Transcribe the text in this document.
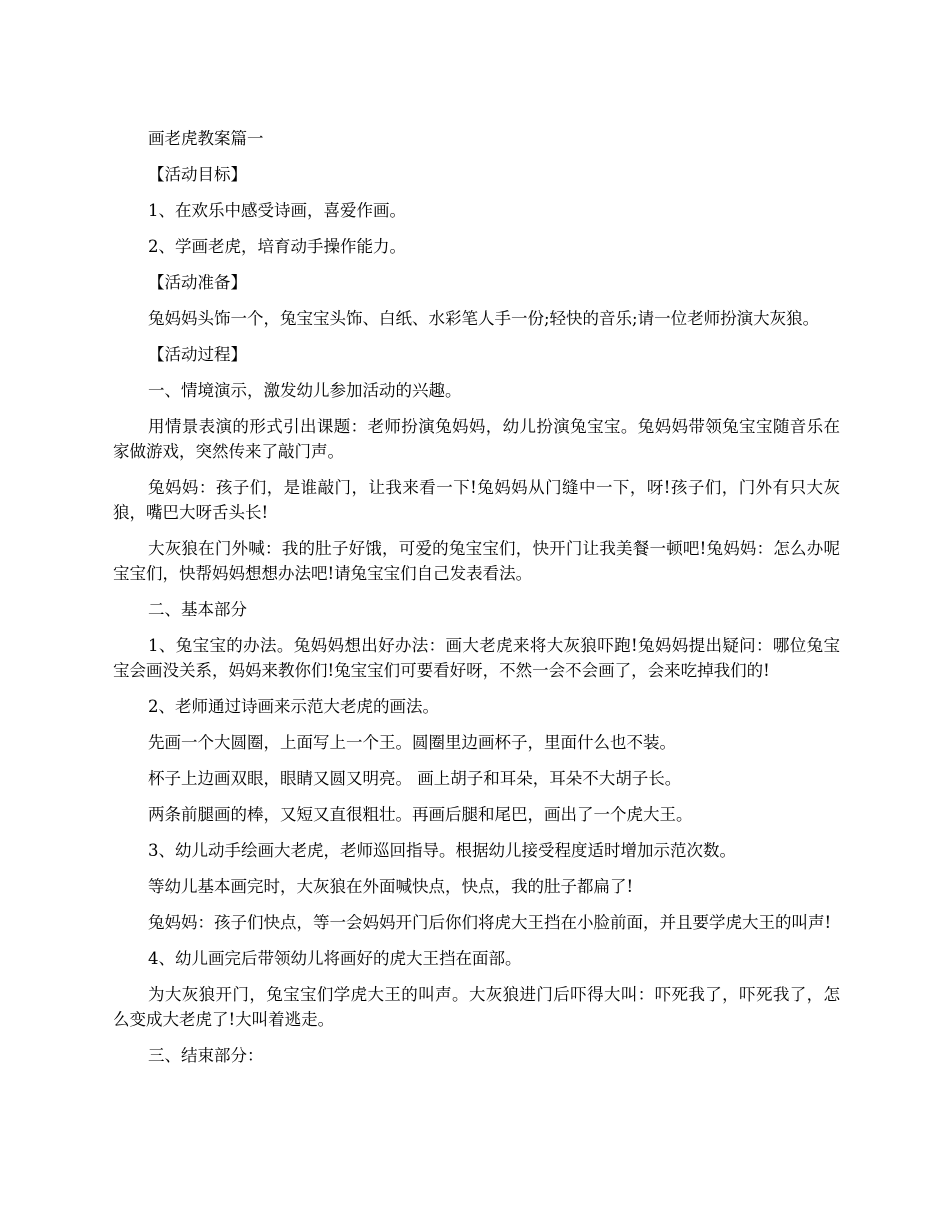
画老虎教案篇一

【活动目标】

1、在欢乐中感受诗画，喜爱作画。

2、学画老虎，培育动手操作能力。

【活动准备】

兔妈妈头饰一个，兔宝宝头饰、白纸、水彩笔人手一份;轻快的音乐;请一位老师扮演大灰狼。

【活动过程】

一、情境演示，激发幼儿参加活动的兴趣。

用情景表演的形式引出课题：老师扮演兔妈妈，幼儿扮演兔宝宝。兔妈妈带领兔宝宝随音乐在家做游戏，突然传来了敲门声。

兔妈妈：孩子们，是谁敲门，让我来看一下!兔妈妈从门缝中一下，呀!孩子们，门外有只大灰狼，嘴巴大呀舌头长!

大灰狼在门外喊：我的肚子好饿，可爱的兔宝宝们，快开门让我美餐一顿吧!兔妈妈：怎么办呢宝宝们，快帮妈妈想想办法吧!请兔宝宝们自己发表看法。

二、基本部分

1、兔宝宝的办法。兔妈妈想出好办法：画大老虎来将大灰狼吓跑!兔妈妈提出疑问：哪位兔宝宝会画没关系，妈妈来教你们!兔宝宝们可要看好呀，不然一会不会画了，会来吃掉我们的!

2、老师通过诗画来示范大老虎的画法。

先画一个大圆圈，上面写上一个王。圆圈里边画杯子，里面什么也不装。

杯子上边画双眼，眼睛又圆又明亮。 画上胡子和耳朵，耳朵不大胡子长。

两条前腿画的棒，又短又直很粗壮。再画后腿和尾巴，画出了一个虎大王。

3、幼儿动手绘画大老虎，老师巡回指导。根据幼儿接受程度适时增加示范次数。

等幼儿基本画完时，大灰狼在外面喊快点，快点，我的肚子都扁了!

兔妈妈：孩子们快点，等一会妈妈开门后你们将虎大王挡在小脸前面，并且要学虎大王的叫声!

4、幼儿画完后带领幼儿将画好的虎大王挡在面部。

为大灰狼开门，兔宝宝们学虎大王的叫声。大灰狼进门后吓得大叫：吓死我了，吓死我了，怎么变成大老虎了!大叫着逃走。

三、结束部分：
